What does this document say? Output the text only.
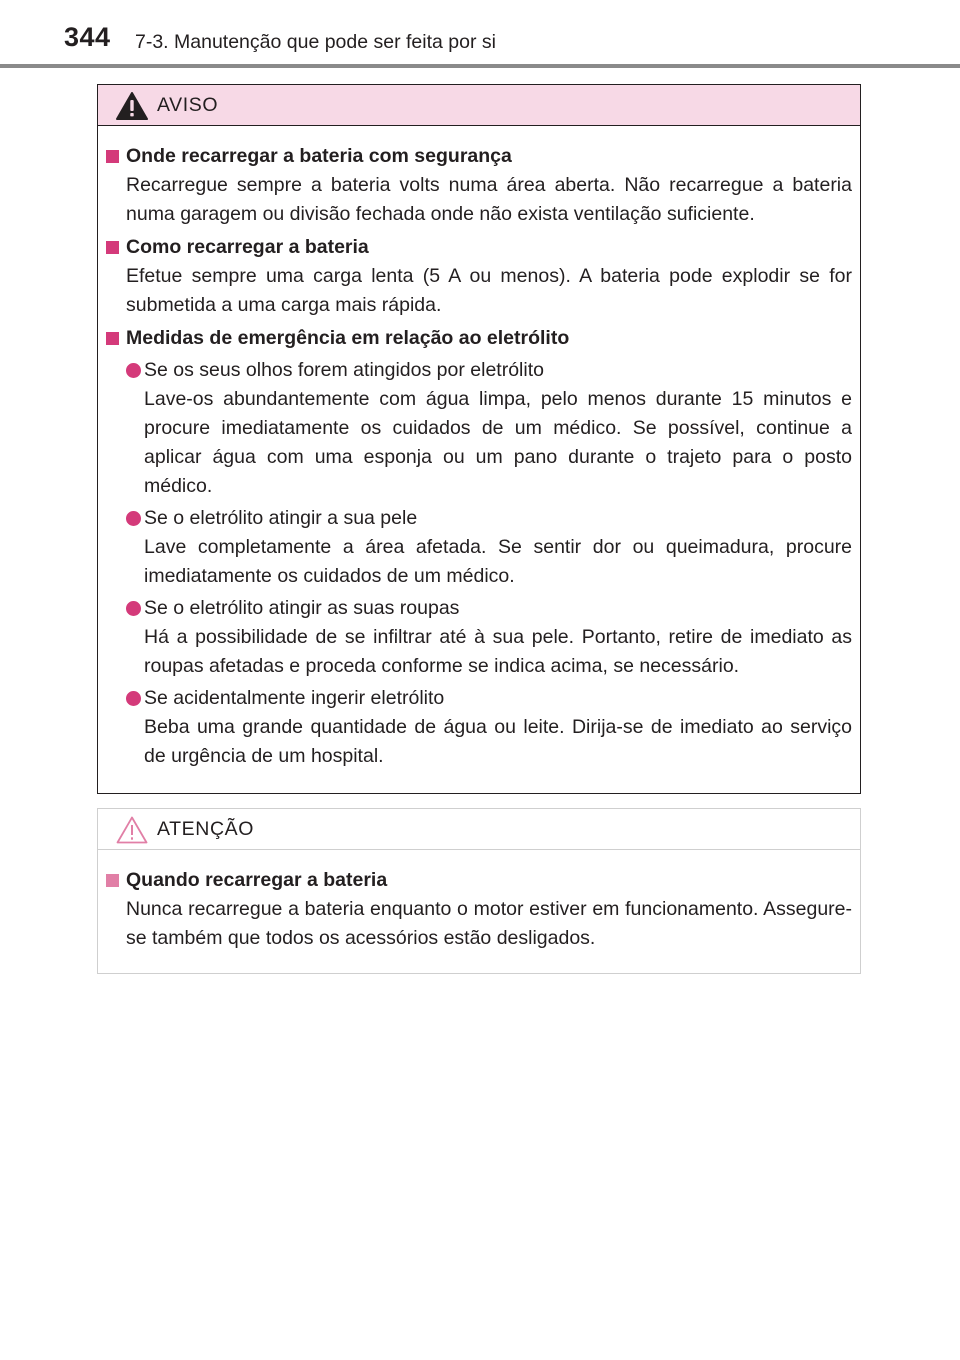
344 7-3. Manutenção que pode ser feita por si
AVISO
Onde recarregar a bateria com segurança
Recarregue sempre a bateria volts numa área aberta. Não recarregue a bateria numa garagem ou divisão fechada onde não exista ventilação suficiente.
Como recarregar a bateria
Efetue sempre uma carga lenta (5 A ou menos). A bateria pode explodir se for submetida a uma carga mais rápida.
Medidas de emergência em relação ao eletrólito
Se os seus olhos forem atingidos por eletrólito
Lave-os abundantemente com água limpa, pelo menos durante 15 minutos e procure imediatamente os cuidados de um médico. Se possível, continue a aplicar água com uma esponja ou um pano durante o trajeto para o posto médico.
Se o eletrólito atingir a sua pele
Lave completamente a área afetada. Se sentir dor ou queimadura, procure imediatamente os cuidados de um médico.
Se o eletrólito atingir as suas roupas
Há a possibilidade de se infiltrar até à sua pele. Portanto, retire de imediato as roupas afetadas e proceda conforme se indica acima, se necessário.
Se acidentalmente ingerir eletrólito
Beba uma grande quantidade de água ou leite. Dirija-se de imediato ao serviço de urgência de um hospital.
ATENÇÃO
Quando recarregar a bateria
Nunca recarregue a bateria enquanto o motor estiver em funcionamento. Assegure-se também que todos os acessórios estão desligados.
